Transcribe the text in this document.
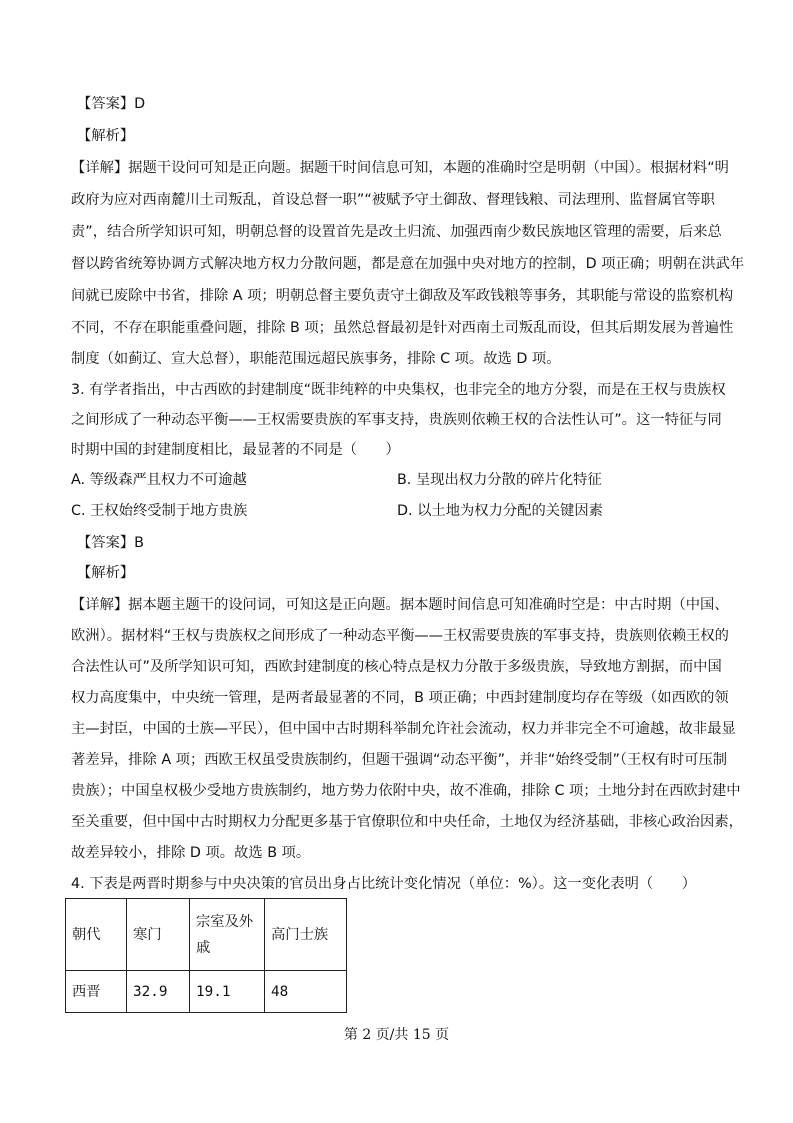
【答案】D
【解析】
【详解】据题干设问可知是正向题。据题干时间信息可知，本题的准确时空是明朝（中国）。根据材料“明
政府为应对西南麓川土司叛乱，首设总督一职”“被赋予守土御敌、督理钱粮、司法理刑、监督属官等职
责”，结合所学知识可知，明朝总督的设置首先是改土归流、加强西南少数民族地区管理的需要，后来总
督以跨省统筹协调方式解决地方权力分散问题，都是意在加强中央对地方的控制，D 项正确；明朝在洪武年
间就已废除中书省，排除 A 项；明朝总督主要负责守土御敌及军政钱粮等事务，其职能与常设的监察机构
不同，不存在职能重叠问题，排除 B 项；虽然总督最初是针对西南土司叛乱而设，但其后期发展为普遍性
制度（如蓟辽、宣大总督），职能范围远超民族事务，排除 C 项。故选 D 项。
3. 有学者指出，中古西欧的封建制度“既非纯粹的中央集权，也非完全的地方分裂，而是在王权与贵族权
之间形成了一种动态平衡——王权需要贵族的军事支持，贵族则依赖王权的合法性认可”。这一特征与同
时期中国的封建制度相比，最显著的不同是（　　）
A. 等级森严且权力不可逾越	B. 呈现出权力分散的碎片化特征
C. 王权始终受制于地方贵族	D. 以土地为权力分配的关键因素
【答案】B
【解析】
【详解】据本题主题干的设问词，可知这是正向题。据本题时间信息可知准确时空是：中古时期（中国、
欧洲）。据材料“王权与贵族权之间形成了一种动态平衡——王权需要贵族的军事支持，贵族则依赖王权的
合法性认可”及所学知识可知，西欧封建制度的核心特点是权力分散于多级贵族，导致地方割据，而中国
权力高度集中，中央统一管理，是两者最显著的不同，B 项正确；中西封建制度均存在等级（如西欧的领
主—封臣，中国的士族—平民），但中国中古时期科举制允许社会流动，权力并非完全不可逾越，故非最显
著差异，排除 A 项；西欧王权虽受贵族制约，但题干强调“动态平衡”，并非“始终受制”（王权有时可压制
贵族）；中国皇权极少受地方贵族制约，地方势力依附中央，故不准确，排除 C 项；土地分封在西欧封建中
至关重要，但中国中古时期权力分配更多基于官僚职位和中央任命，土地仅为经济基础，非核心政治因素，
故差异较小，排除 D 项。故选 B 项。
4. 下表是两晋时期参与中央决策的官员出身占比统计变化情况（单位：%）。这一变化表明（　　）
朝代	寒门	宗室及外戚	高门士族
西晋	32.9	19.1	48
第 2 页/共 15 页
